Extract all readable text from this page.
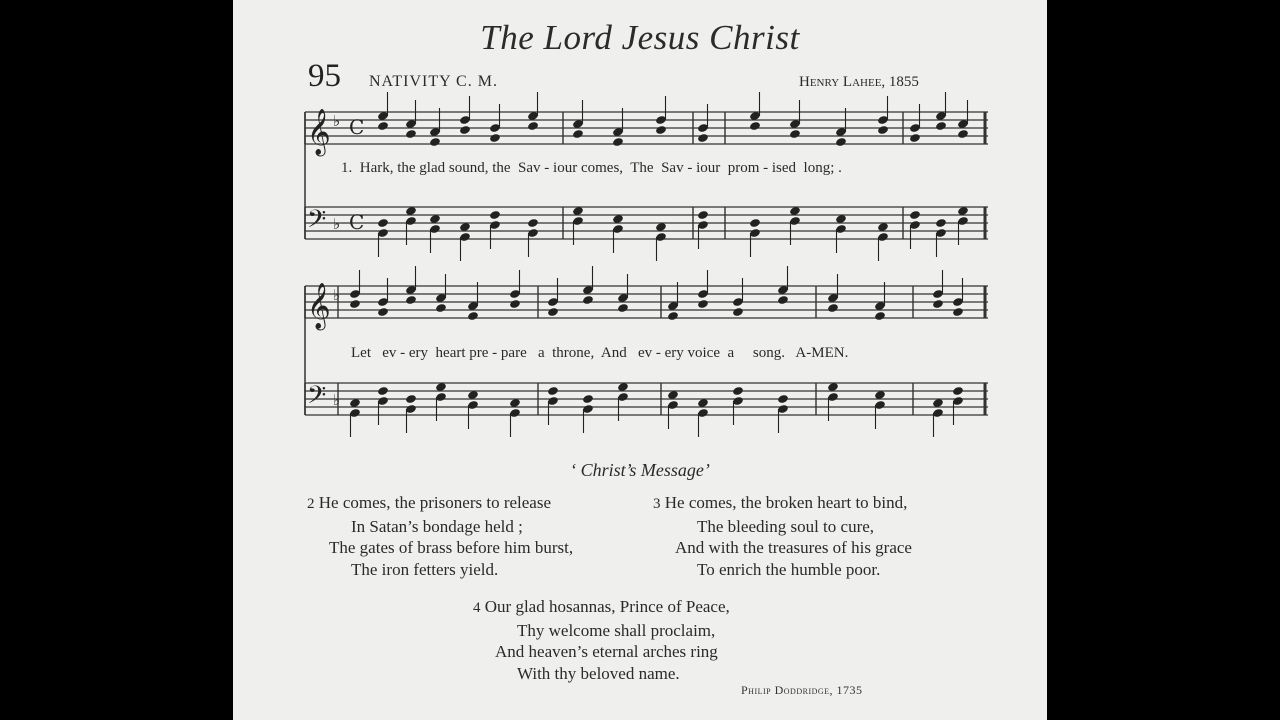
The Lord Jesus Christ
95 NATIVITY C. M.	Henry Lahee, 1855
𝄞 ♭ C
𝄢 ♭ C
𝄞 ♭
𝄢 ♭
1.  Hark, the glad sound, the  Sav - iour comes,  The  Sav - iour  prom - ised  long; .
Let   ev - ery  heart pre - pare   a  throne,  And   ev - ery voice  a     song.   A-MEN.
‘ Christ’s Message’
2 He comes, the prisoners to release
In Satan’s bondage held ;
The gates of brass before him burst,
The iron fetters yield.
3 He comes, the broken heart to bind,
The bleeding soul to cure,
And with the treasures of his grace
To enrich the humble poor.
4 Our glad hosannas, Prince of Peace,
Thy welcome shall proclaim,
And heaven’s eternal arches ring
With thy beloved name.
Philip Doddridge, 1735
